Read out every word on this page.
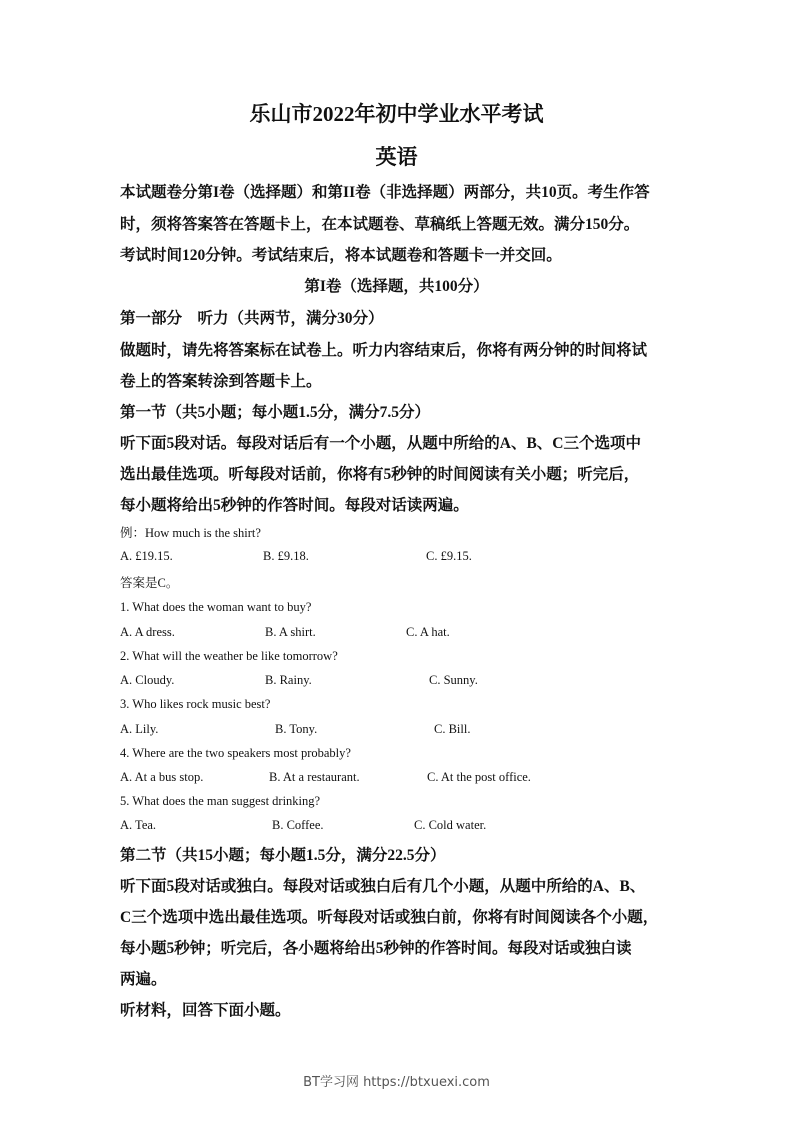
乐山市2022年初中学业水平考试
英语
本试题卷分第I卷（选择题）和第II卷（非选择题）两部分，共10页。考生作答
时，须将答案答在答题卡上，在本试题卷、草稿纸上答题无效。满分150分。
考试时间120分钟。考试结束后，将本试题卷和答题卡一并交回。
第I卷（选择题，共100分）
第一部分　听力（共两节，满分30分）
做题时，请先将答案标在试卷上。听力内容结束后，你将有两分钟的时间将试
卷上的答案转涂到答题卡上。
第一节（共5小题；每小题1.5分，满分7.5分）
听下面5段对话。每段对话后有一个小题，从题中所给的A、B、C三个选项中
选出最佳选项。听每段对话前，你将有5秒钟的时间阅读有关小题；听完后，
每小题将给出5秒钟的作答时间。每段对话读两遍。
例：How much is the shirt?
A. £19.15.	B. £9.18.	C. £9.15.
答案是C。
1. What does the woman want to buy?
A. A dress.	B. A shirt.	C. A hat.
2. What will the weather be like tomorrow?
A. Cloudy.	B. Rainy.	C. Sunny.
3. Who likes rock music best?
A. Lily.	B. Tony.	C. Bill.
4. Where are the two speakers most probably?
A. At a bus stop.	B. At a restaurant.	C. At the post office.
5. What does the man suggest drinking?
A. Tea.	B. Coffee.	C. Cold water.
第二节（共15小题；每小题1.5分，满分22.5分）
听下面5段对话或独白。每段对话或独白后有几个小题，从题中所给的A、B、
C三个选项中选出最佳选项。听每段对话或独白前，你将有时间阅读各个小题，
每小题5秒钟；听完后，各小题将给出5秒钟的作答时间。每段对话或独白读
两遍。
听材料，回答下面小题。
BT学习网 https://btxuexi.com
